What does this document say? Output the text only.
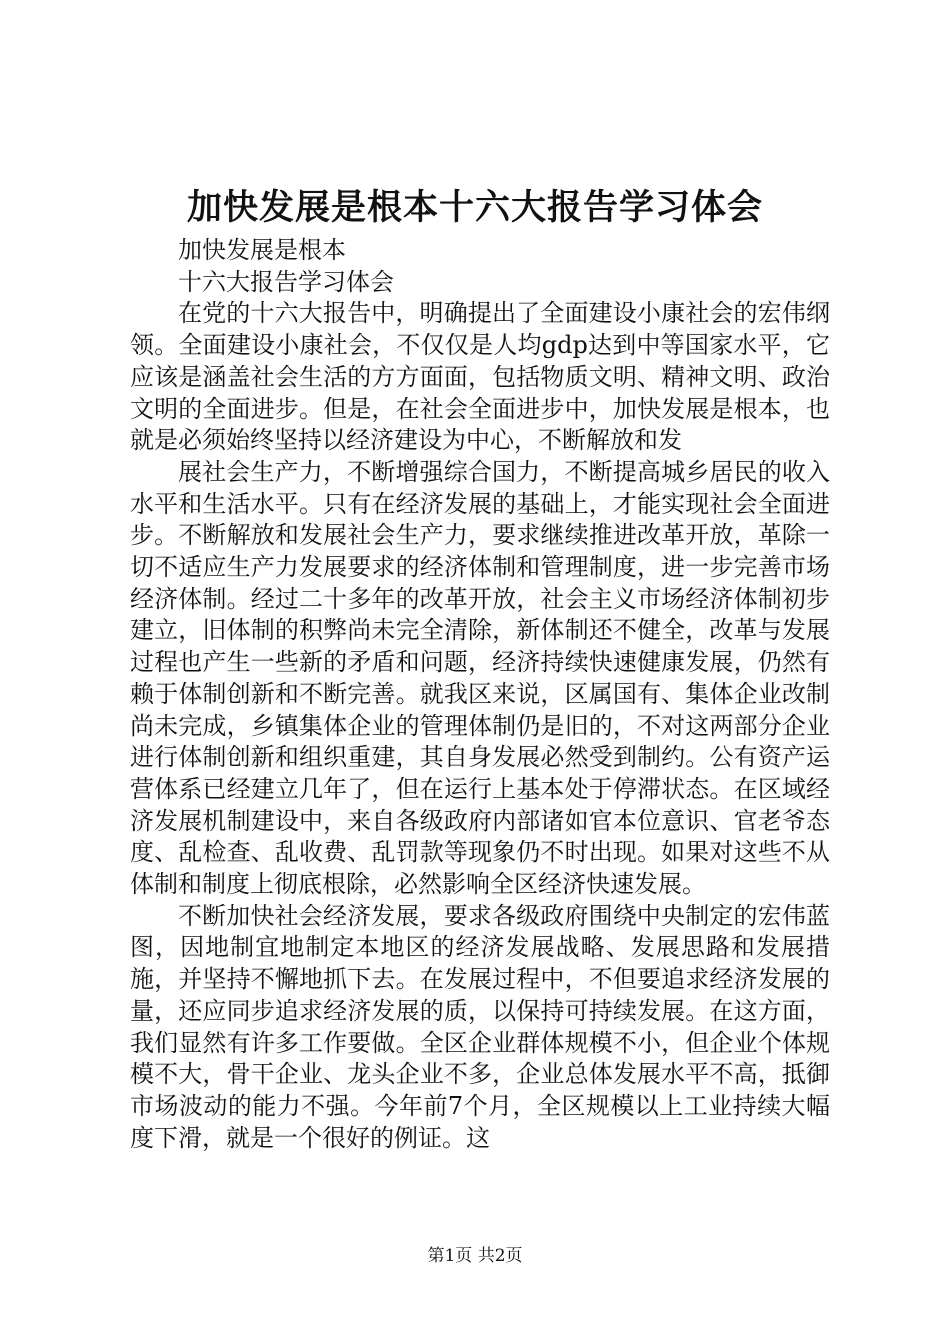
加快发展是根本十六大报告学习体会

加快发展是根本

十六大报告学习体会

在党的十六大报告中，明确提出了全面建设小康社会的宏伟纲领。全面建设小康社会，不仅仅是人均gdp达到中等国家水平，它应该是涵盖社会生活的方方面面，包括物质文明、精神文明、政治文明的全面进步。但是，在社会全面进步中，加快发展是根本，也就是必须始终坚持以经济建设为中心，不断解放和发

展社会生产力，不断增强综合国力，不断提高城乡居民的收入水平和生活水平。只有在经济发展的基础上，才能实现社会全面进步。不断解放和发展社会生产力，要求继续推进改革开放，革除一切不适应生产力发展要求的经济体制和管理制度，进一步完善市场经济体制。经过二十多年的改革开放，社会主义市场经济体制初步建立，旧体制的积弊尚未完全清除，新体制还不健全，改革与发展过程也产生一些新的矛盾和问题，经济持续快速健康发展，仍然有赖于体制创新和不断完善。就我区来说，区属国有、集体企业改制尚未完成，乡镇集体企业的管理体制仍是旧的，不对这两部分企业进行体制创新和组织重建，其自身发展必然受到制约。公有资产运营体系已经建立几年了，但在运行上基本处于停滞状态。在区域经济发展机制建设中，来自各级政府内部诸如官本位意识、官老爷态度、乱检查、乱收费、乱罚款等现象仍不时出现。如果对这些不从体制和制度上彻底根除，必然影响全区经济快速发展。

不断加快社会经济发展，要求各级政府围绕中央制定的宏伟蓝图，因地制宜地制定本地区的经济发展战略、发展思路和发展措施，并坚持不懈地抓下去。在发展过程中，不但要追求经济发展的量，还应同步追求经济发展的质，以保持可持续发展。在这方面，我们显然有许多工作要做。全区企业群体规模不小，但企业个体规模不大，骨干企业、龙头企业不多，企业总体发展水平不高，抵御市场波动的能力不强。今年前7个月，全区规模以上工业持续大幅度下滑，就是一个很好的例证。这

第1页 共2页
